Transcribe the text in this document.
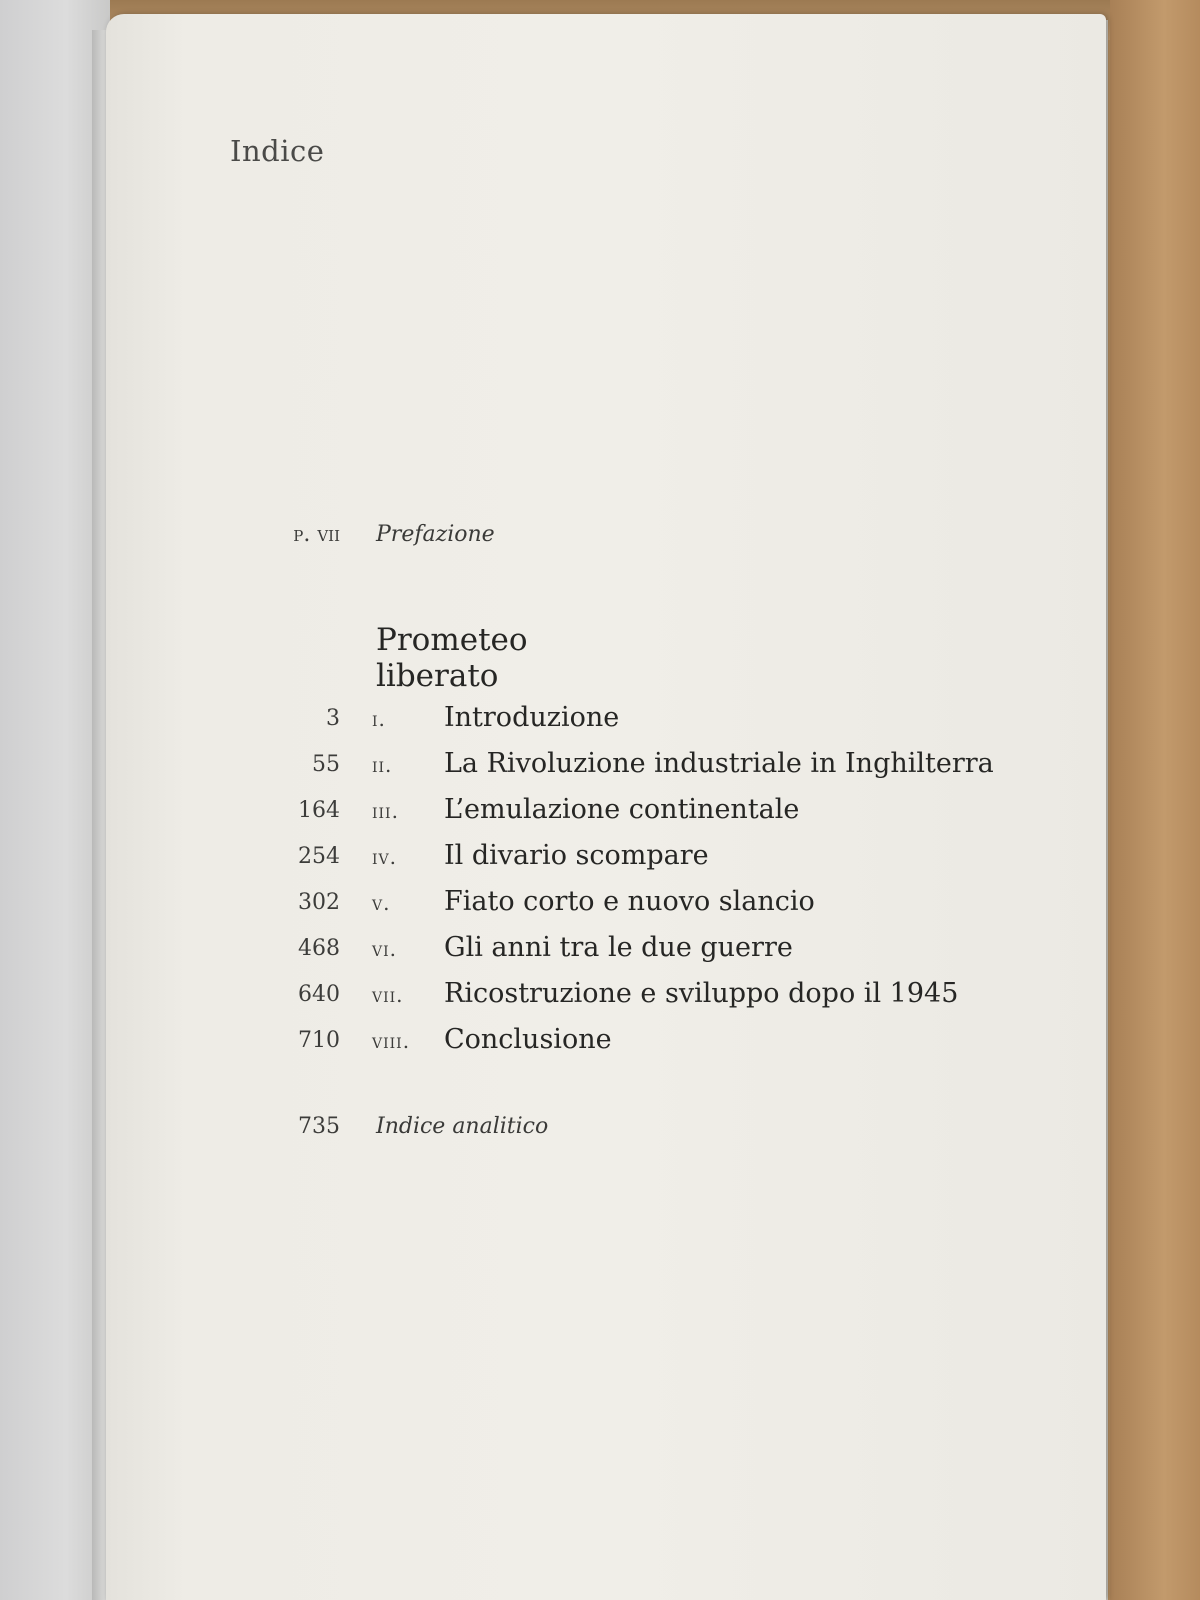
Indice
p. vii Prefazione
Prometeo liberato
3 i. Introduzione
55 ii. La Rivoluzione industriale in Inghilterra
164 iii. L’emulazione continentale
254 iv. Il divario scompare
302 v. Fiato corto e nuovo slancio
468 vi. Gli anni tra le due guerre
640 vii. Ricostruzione e sviluppo dopo il 1945
710 viii. Conclusione
735 Indice analitico
